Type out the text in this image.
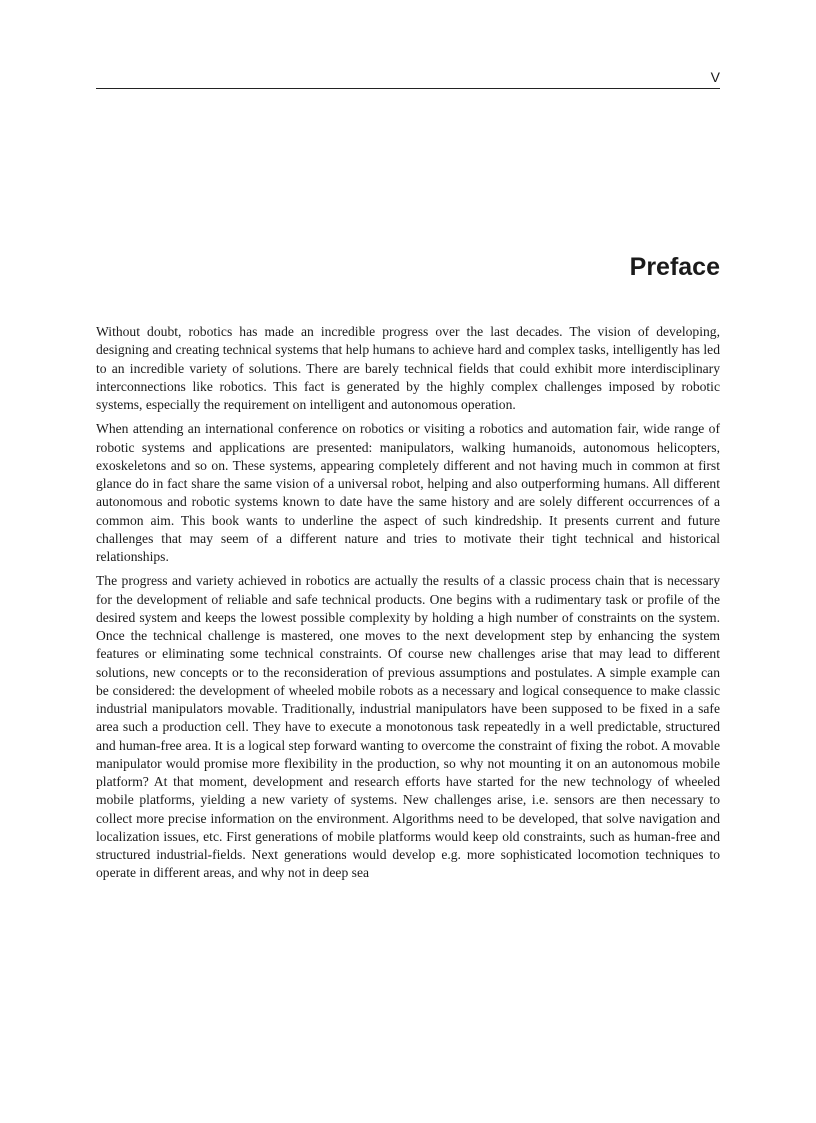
V
Preface

Without doubt, robotics has made an incredible progress over the last decades. The vision of developing, designing and creating technical systems that help humans to achieve hard and complex tasks, intelligently has led to an incredible variety of solutions. There are barely technical fields that could exhibit more interdisciplinary interconnections like robotics. This fact is generated by the highly complex challenges imposed by robotic systems, especially the requirement on intelligent and autonomous operation.

When attending an international conference on robotics or visiting a robotics and automation fair, wide range of robotic systems and applications are presented: manipulators, walking humanoids, autonomous helicopters, exoskeletons and so on. These systems, appearing completely different and not having much in common at first glance do in fact share the same vision of a universal robot, helping and also outperforming humans. All different autonomous and robotic systems known to date have the same history and are solely different occurrences of a common aim. This book wants to underline the aspect of such kindredship. It presents current and future challenges that may seem of a different nature and tries to motivate their tight technical and historical relationships.

The progress and variety achieved in robotics are actually the results of a classic process chain that is necessary for the development of reliable and safe technical products. One begins with a rudimentary task or profile of the desired system and keeps the lowest possible complexity by holding a high number of constraints on the system. Once the technical challenge is mastered, one moves to the next development step by enhancing the system features or eliminating some technical constraints. Of course new challenges arise that may lead to different solutions, new concepts or to the reconsideration of previous assumptions and postulates. A simple example can be considered: the development of wheeled mobile robots as a necessary and logical consequence to make classic industrial manipulators movable. Traditionally, industrial manipulators have been supposed to be fixed in a safe area such a production cell. They have to execute a monotonous task repeatedly in a well predictable, structured and human-free area. It is a logical step forward wanting to overcome the constraint of fixing the robot. A movable manipulator would promise more flexibility in the production, so why not mounting it on an autonomous mobile platform? At that moment, development and research efforts have started for the new technology of wheeled mobile platforms, yielding a new variety of systems. New challenges arise, i.e. sensors are then necessary to collect more precise information on the environment. Algorithms need to be developed, that solve navigation and localization issues, etc. First generations of mobile platforms would keep old constraints, such as human-free and structured industrial-fields. Next generations would develop e.g. more sophisticated locomotion techniques to operate in different areas, and why not in deep sea
